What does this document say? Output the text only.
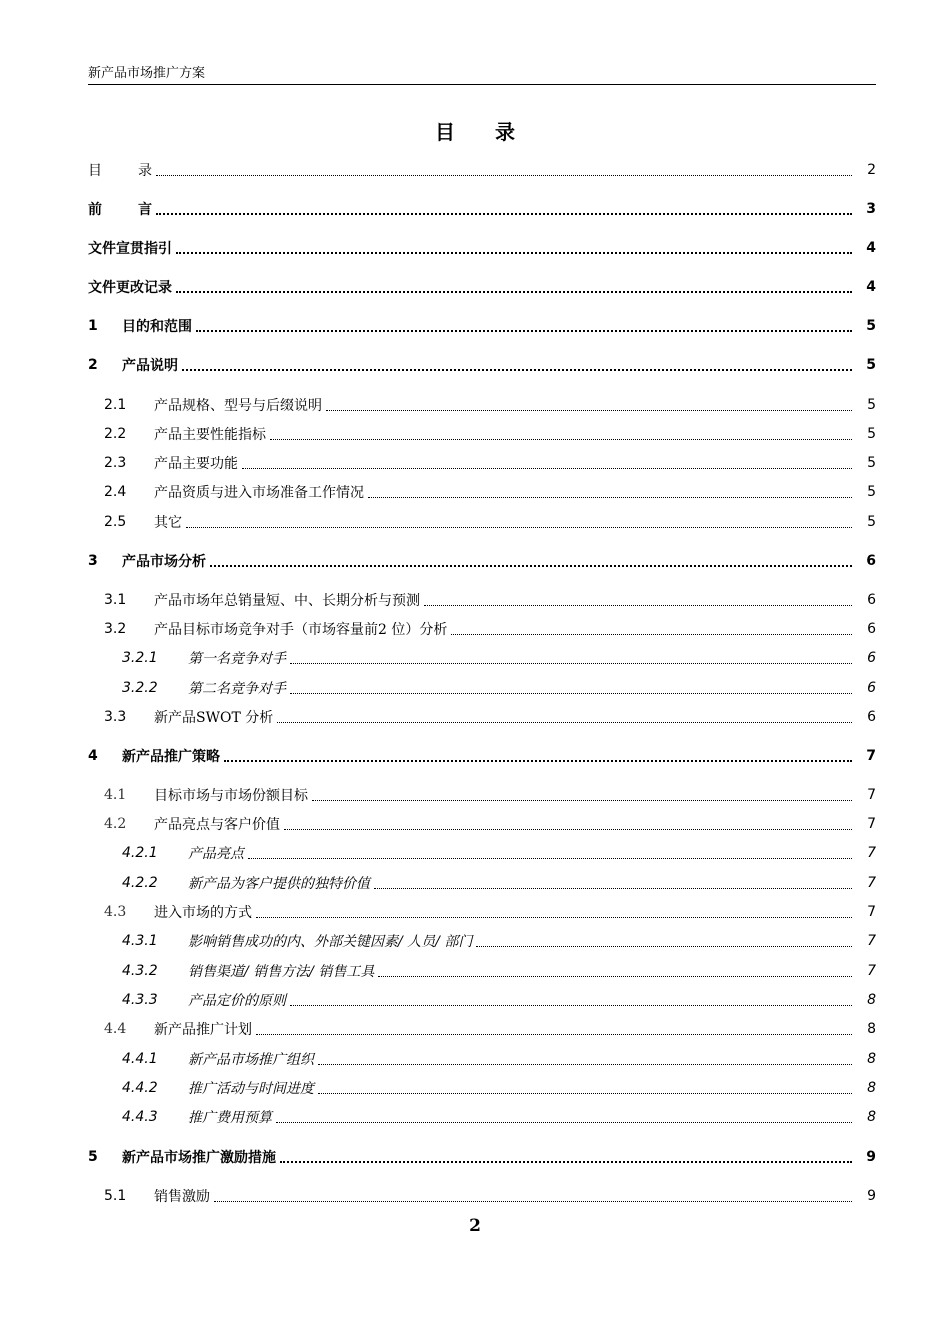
新产品市场推广方案
目录
目	录	2
前	言	3
文件宣贯指引	4
文件更改记录	4
1	目的和范围	5
2	产品说明	5
2.1	产品规格、型号与后缀说明	5
2.2	产品主要性能指标	5
2.3	产品主要功能	5
2.4	产品资质与进入市场准备工作情况	5
2.5	其它	5
3	产品市场分析	6
3.1	产品市场年总销量短、中、长期分析与预测	6
3.2	产品目标市场竞争对手（市场容量前2 位）分析	6
3.2.1	第一名竞争对手	6
3.2.2	第二名竞争对手	6
3.3	新产品SWOT 分析	6
4	新产品推广策略	7
4.1	目标市场与市场份额目标	7
4.2	产品亮点与客户价值	7
4.2.1	产品亮点	7
4.2.2	新产品为客户提供的独特价值	7
4.3	进入市场的方式	7
4.3.1	影响销售成功的内、外部关键因素/ 人员/ 部门	7
4.3.2	销售渠道/ 销售方法/ 销售工具	7
4.3.3	产品定价的原则	8
4.4	新产品推广计划	8
4.4.1	新产品市场推广组织	8
4.4.2	推广活动与时间进度	8
4.4.3	推广费用预算	8
5	新产品市场推广激励措施	9
5.1	销售激励	9
2
